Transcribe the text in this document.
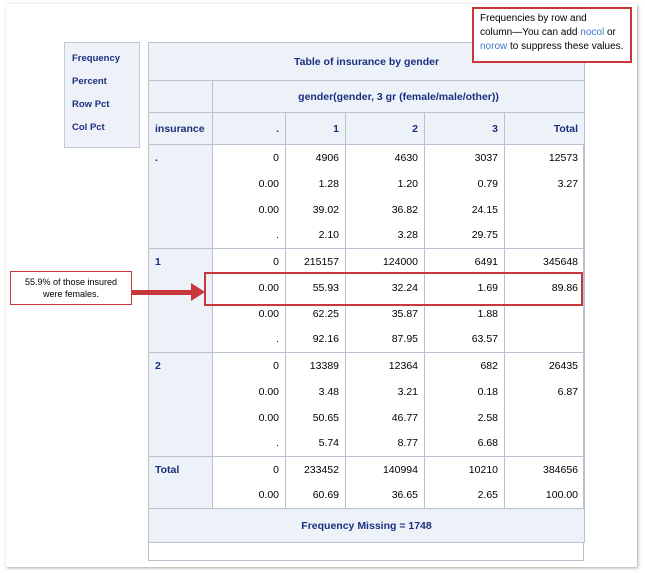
Frequency
Percent
Row Pct
Col Pct
Table of insurance by gender					
	gender(gender, 3 gr (female/male/other))				
insurance	.	1	2	3	Total
.	0	4906	4630	3037	12573
	0.00	1.28	1.20	0.79	3.27
	0.00	39.02	36.82	24.15	
	.	2.10	3.28	29.75	
1	0	215157	124000	6491	345648
	0.00	55.93	32.24	1.69	89.86
	0.00	62.25	35.87	1.88	
	.	92.16	87.95	63.57	
2	0	13389	12364	682	26435
	0.00	3.48	3.21	0.18	6.87
	0.00	50.65	46.77	2.58	
	.	5.74	8.77	6.68	
Total	0	233452	140994	10210	384656
	0.00	60.69	36.65	2.65	100.00
Frequency Missing = 1748					
Frequencies by row and
column—You can add nocol or
norow to suppress these values.
55.9% of those insured
were females.
